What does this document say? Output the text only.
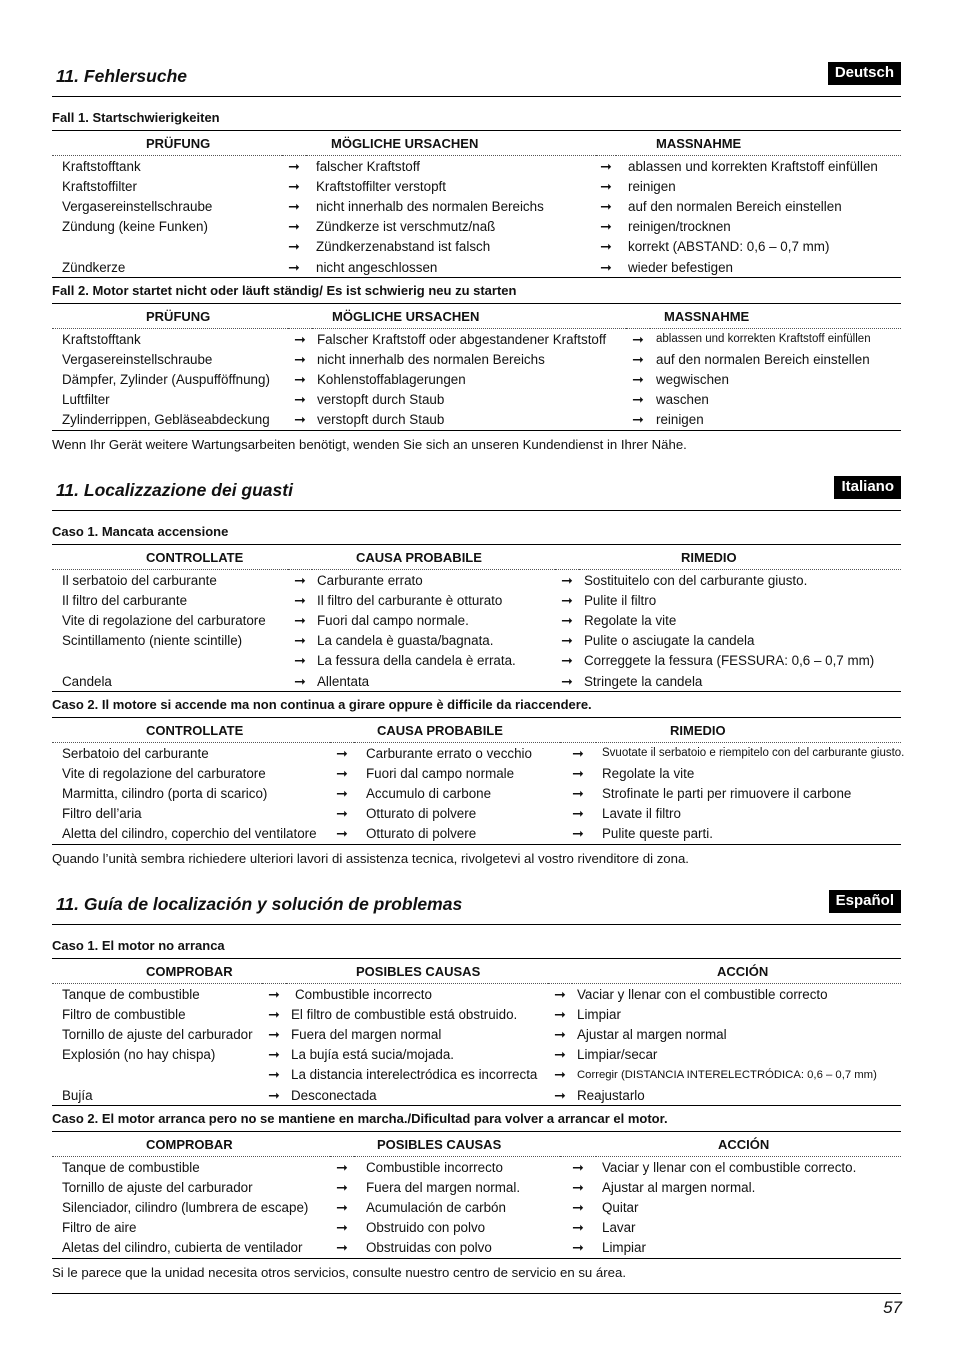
11. Fehlersuche	Deutsch
Fall 1. Startschwierigkeiten
PRÜFUNG		MÖGLICHE URSACHEN		MASSNAHME
Kraftstofftank	➞	falscher Kraftstoff	➞	ablassen und korrekten Kraftstoff einfüllen
Kraftstoffilter	➞	Kraftstoffilter verstopft	➞	reinigen
Vergasereinstellschraube	➞	nicht innerhalb des normalen Bereichs	➞	auf den normalen Bereich einstellen
Zündung (keine Funken)	➞	Zündkerze ist verschmutz/naß	➞	reinigen/trocknen
	➞	Zündkerzenabstand ist falsch	➞	korrekt (ABSTAND: 0,6 – 0,7 mm)
Zündkerze	➞	nicht angeschlossen	➞	wieder befestigen
Fall 2. Motor startet nicht oder läuft ständig/ Es ist schwierig neu zu starten
PRÜFUNG		MÖGLICHE URSACHEN		MASSNAHME
Kraftstofftank	➞	Falscher Kraftstoff oder abgestandener Kraftstoff	➞	ablassen und korrekten Kraftstoff einfüllen
Vergasereinstellschraube	➞	nicht innerhalb des normalen Bereichs	➞	auf den normalen Bereich einstellen
Dämpfer, Zylinder (Auspufföffnung)	➞	Kohlenstoffablagerungen	➞	wegwischen
Luftfilter	➞	verstopft durch Staub	➞	waschen
Zylinderrippen, Gebläseabdeckung	➞	verstopft durch Staub	➞	reinigen
Wenn Ihr Gerät weitere Wartungsarbeiten benötigt, wenden Sie sich an unseren Kundendienst in Ihrer Nähe.
11. Localizzazione dei guasti	Italiano
Caso 1. Mancata accensione
CONTROLLATE		CAUSA PROBABILE		RIMEDIO
Il serbatoio del carburante	➞	Carburante errato	➞	Sostituitelo con del carburante giusto.
Il filtro del carburante	➞	Il filtro del carburante è otturato	➞	Pulite il filtro
Vite di regolazione del carburatore	➞	Fuori dal campo normale.	➞	Regolate la vite
Scintillamento (niente scintille)	➞	La candela è guasta/bagnata.	➞	Pulite o asciugate la candela
	➞	La fessura della candela è errata.	➞	Correggete la fessura (FESSURA: 0,6 – 0,7 mm)
Candela	➞	Allentata	➞	Stringete la candela
Caso 2. Il motore si accende ma non continua a girare oppure è difficile da riaccendere.
CONTROLLATE		CAUSA PROBABILE		RIMEDIO
Serbatoio del carburante	➞	Carburante errato o vecchio	➞	Svuotate il serbatoio e riempitelo con del carburante giusto.
Vite di regolazione del carburatore	➞	Fuori dal campo normale	➞	Regolate la vite
Marmitta, cilindro (porta di scarico)	➞	Accumulo di carbone	➞	Strofinate le parti per rimuovere il carbone
Filtro dell’aria	➞	Otturato di polvere	➞	Lavate il filtro
Aletta del cilindro, coperchio del ventilatore	➞	Otturato di polvere	➞	Pulite queste parti.
Quando l’unità sembra richiedere ulteriori lavori di assistenza tecnica, rivolgetevi al vostro rivenditore di zona.
11. Guía de localización y solución de problemas	Español
Caso 1. El motor no arranca
COMPROBAR		POSIBLES CAUSAS		ACCIÓN
Tanque de combustible	➞	Combustible incorrecto	➞	Vaciar y llenar con el combustible correcto
Filtro de combustible	➞	El filtro de combustible está obstruido.	➞	Limpiar
Tornillo de ajuste del carburador	➞	Fuera del margen normal	➞	Ajustar al margen normal
Explosión (no hay chispa)	➞	La bujía está sucia/mojada.	➞	Limpiar/secar
	➞	La distancia interelectródica es incorrecta	➞	Corregir (DISTANCIA INTERELECTRÓDICA: 0,6 – 0,7 mm)
Bujía	➞	Desconectada	➞	Reajustarlo
Caso 2. El motor arranca pero no se mantiene en marcha./Dificultad para volver a arrancar el motor.
COMPROBAR		POSIBLES CAUSAS		ACCIÓN
Tanque de combustible	➞	Combustible incorrecto	➞	Vaciar y llenar con el combustible correcto.
Tornillo de ajuste del carburador	➞	Fuera del margen normal.	➞	Ajustar al margen normal.
Silenciador, cilindro (lumbrera de escape)	➞	Acumulación de carbón	➞	Quitar
Filtro de aire	➞	Obstruido con polvo	➞	Lavar
Aletas del cilindro, cubierta de ventilador	➞	Obstruidas con polvo	➞	Limpiar
Si le parece que la unidad necesita otros servicios, consulte nuestro centro de servicio en su área.
57
